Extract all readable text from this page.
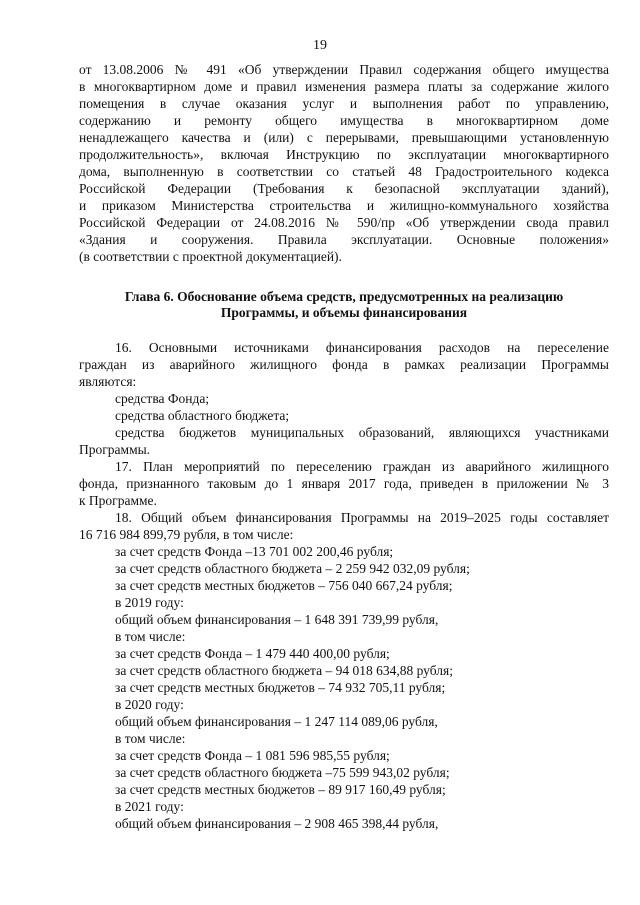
19

от 13.08.2006 № 491 «Об утверждении Правил содержания общего имущества

в многоквартирном доме и правил изменения размера платы за содержание жилого

помещения в случае оказания услуг и выполнения работ по управлению,

содержанию и ремонту общего имущества в многоквартирном доме

ненадлежащего качества и (или) с перерывами, превышающими установленную

продолжительность», включая Инструкцию по эксплуатации многоквартирного

дома, выполненную в соответствии со статьей 48 Градостроительного кодекса

Российской Федерации (Требования к безопасной эксплуатации зданий),

и приказом Министерства строительства и жилищно-коммунального хозяйства

Российской Федерации от 24.08.2016 № 590/пр «Об утверждении свода правил

«Здания и сооружения. Правила эксплуатации. Основные положения»

(в соответствии с проектной документацией).

Глава 6. Обоснование объема средств, предусмотренных на реализацию
Программы, и объемы финансирования

16. Основными источниками финансирования расходов на переселение

граждан из аварийного жилищного фонда в рамках реализации Программы

являются:

средства Фонда;

средства областного бюджета;

средства бюджетов муниципальных образований, являющихся участниками

Программы.

17. План мероприятий по переселению граждан из аварийного жилищного

фонда, признанного таковым до 1 января 2017 года, приведен в приложении № 3

к Программе.

18. Общий объем финансирования Программы на 2019–2025 годы составляет

16 716 984 899,79 рубля, в том числе:

за счет средств Фонда –13 701 002 200,46 рубля;

за счет средств областного бюджета – 2 259 942 032,09 рубля;

за счет средств местных бюджетов – 756 040 667,24 рубля;

в 2019 году:

общий объем финансирования – 1 648 391 739,99 рубля,

в том числе:

за счет средств Фонда – 1 479 440 400,00 рубля;

за счет средств областного бюджета – 94 018 634,88 рубля;

за счет средств местных бюджетов – 74 932 705,11 рубля;

в 2020 году:

общий объем финансирования – 1 247 114 089,06 рубля,

в том числе:

за счет средств Фонда – 1 081 596 985,55 рубля;

за счет средств областного бюджета –75 599 943,02 рубля;

за счет средств местных бюджетов – 89 917 160,49 рубля;

в 2021 году:

общий объем финансирования – 2 908 465 398,44 рубля,
